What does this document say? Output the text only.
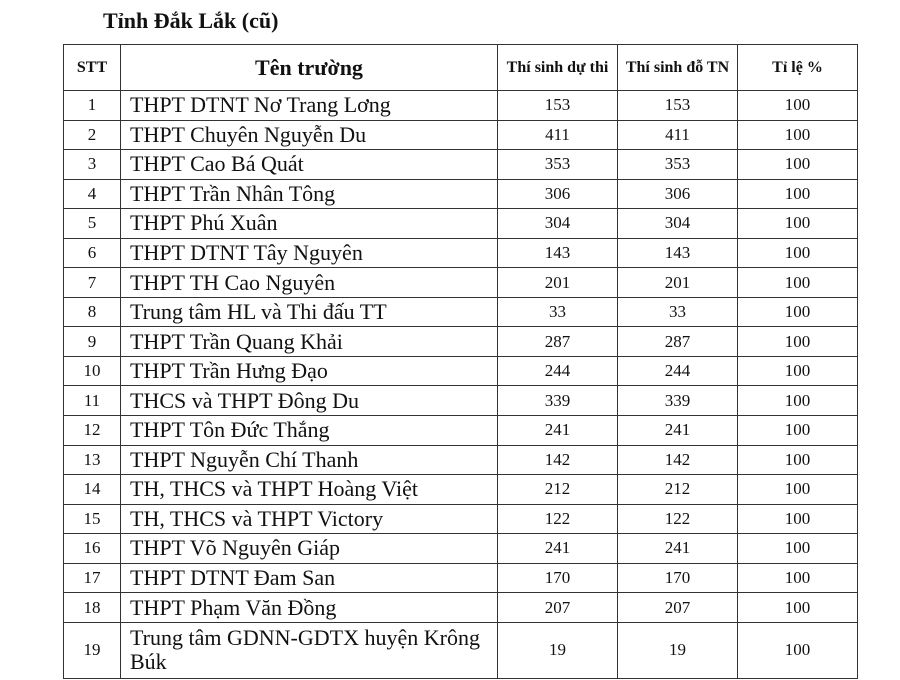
Tỉnh Đắk Lắk (cũ)
STT	Tên trường	Thí sinh dự thi	Thí sinh đỗ TN	Tỉ lệ %
1	THPT DTNT Nơ Trang Lơng	153	153	100
2	THPT Chuyên Nguyễn Du	411	411	100
3	THPT Cao Bá Quát	353	353	100
4	THPT Trần Nhân Tông	306	306	100
5	THPT Phú Xuân	304	304	100
6	THPT DTNT Tây Nguyên	143	143	100
7	THPT TH Cao Nguyên	201	201	100
8	Trung tâm HL và Thi đấu TT	33	33	100
9	THPT Trần Quang Khải	287	287	100
10	THPT Trần Hưng Đạo	244	244	100
11	THCS và THPT Đông Du	339	339	100
12	THPT Tôn Đức Thắng	241	241	100
13	THPT Nguyễn Chí Thanh	142	142	100
14	TH, THCS và THPT Hoàng Việt	212	212	100
15	TH, THCS và THPT Victory	122	122	100
16	THPT Võ Nguyên Giáp	241	241	100
17	THPT DTNT Đam San	170	170	100
18	THPT Phạm Văn Đồng	207	207	100
19	Trung tâm GDNN-GDTX huyện Krông Búk	19	19	100
